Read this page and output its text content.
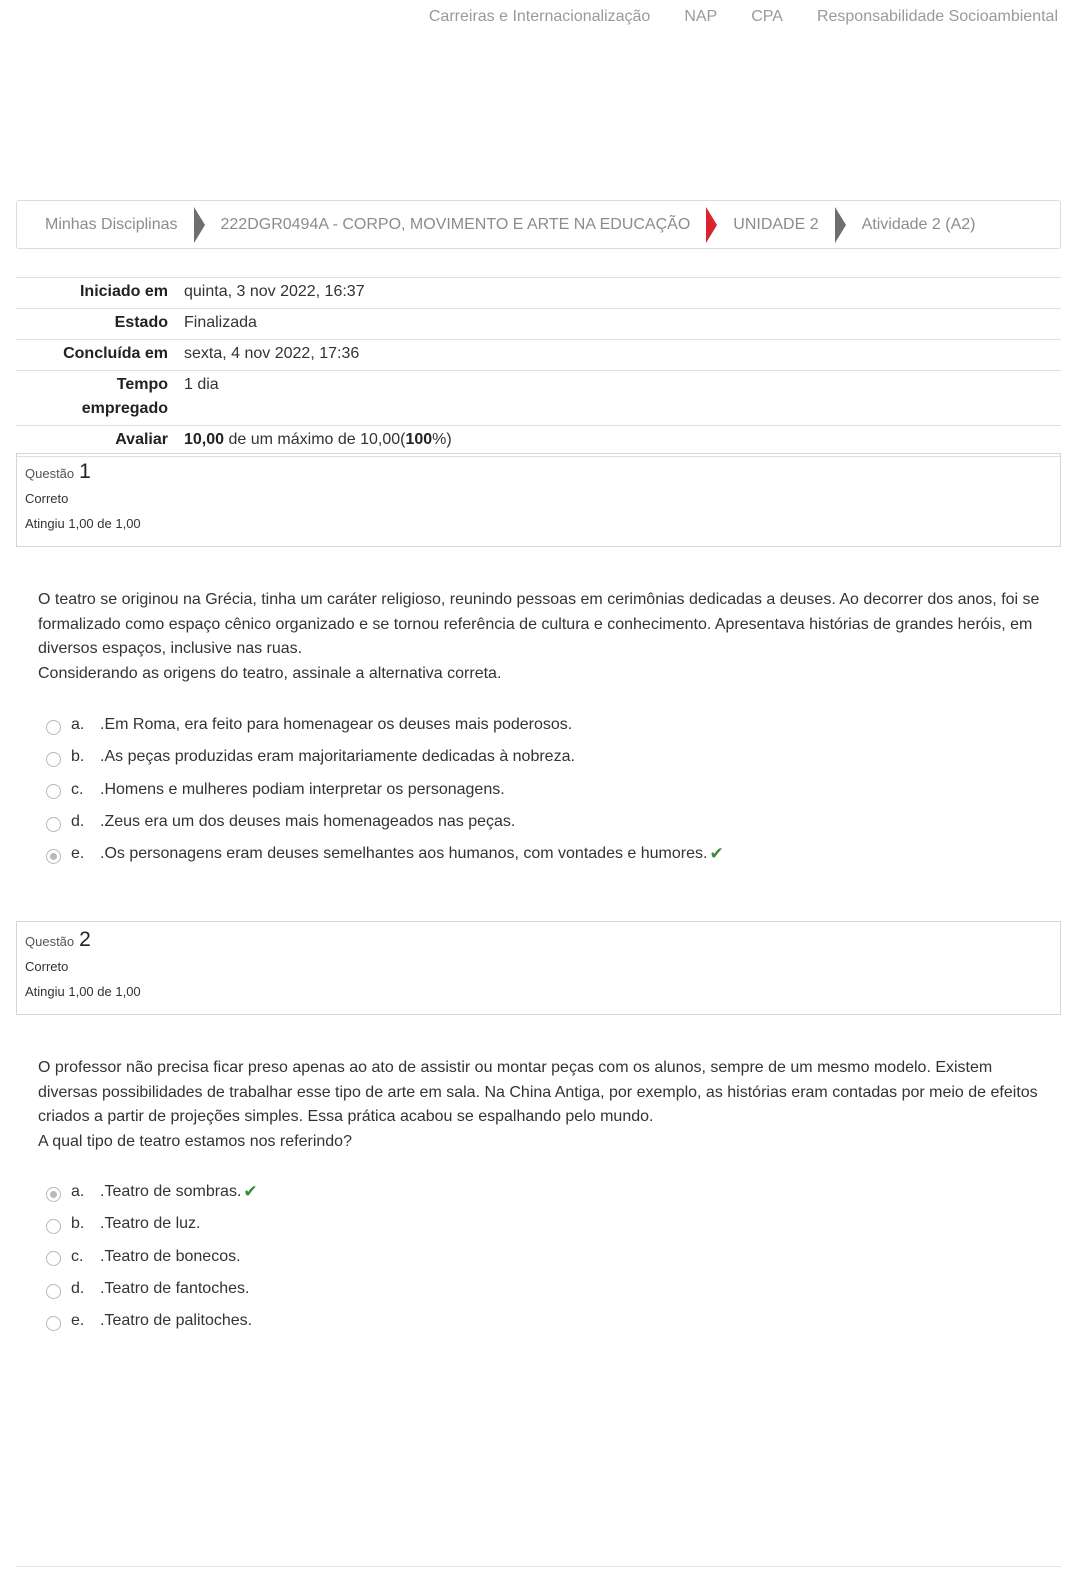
Carreiras e Internacionalização NAP CPA Responsabilidade Socioambiental
Minhas Disciplinas	222DGR0494A - CORPO, MOVIMENTO E ARTE NA EDUCAÇÃO	UNIDADE 2	Atividade 2 (A2)
Iniciado em	quinta, 3 nov 2022, 16:37
Estado	Finalizada
Concluída em	sexta, 4 nov 2022, 17:36
Tempo
empregado	1 dia
Avaliar	10,00 de um máximo de 10,00(100%)
Questão 1
Correto
Atingiu 1,00 de 1,00
O teatro se originou na Grécia, tinha um caráter religioso, reunindo pessoas em cerimônias dedicadas a deuses. Ao decorrer dos anos, foi se formalizado como espaço cênico organizado e se tornou referência de cultura e conhecimento. Apresentava histórias de grandes heróis, em diversos espaços, inclusive nas ruas.
Considerando as origens do teatro, assinale a alternativa correta.
a. .Em Roma, era feito para homenagear os deuses mais poderosos.
b. .As peças produzidas eram majoritariamente dedicadas à nobreza.
c.	.Homens e mulheres podiam interpretar os personagens.
d. .Zeus era um dos deuses mais homenageados nas peças.
e. .Os personagens eram deuses semelhantes aos humanos, com vontades e humores. ✔
Questão 2
Correto
Atingiu 1,00 de 1,00
O professor não precisa ficar preso apenas ao ato de assistir ou montar peças com os alunos, sempre de um mesmo modelo. Existem diversas possibilidades de trabalhar esse tipo de arte em sala. Na China Antiga, por exemplo, as histórias eram contadas por meio de efeitos criados a partir de projeções simples. Essa prática acabou se espalhando pelo mundo.
A qual tipo de teatro estamos nos referindo?
a. .Teatro de sombras. ✔
b. .Teatro de luz.
c.	.Teatro de bonecos.
d. .Teatro de fantoches.
e. .Teatro de palitoches.
